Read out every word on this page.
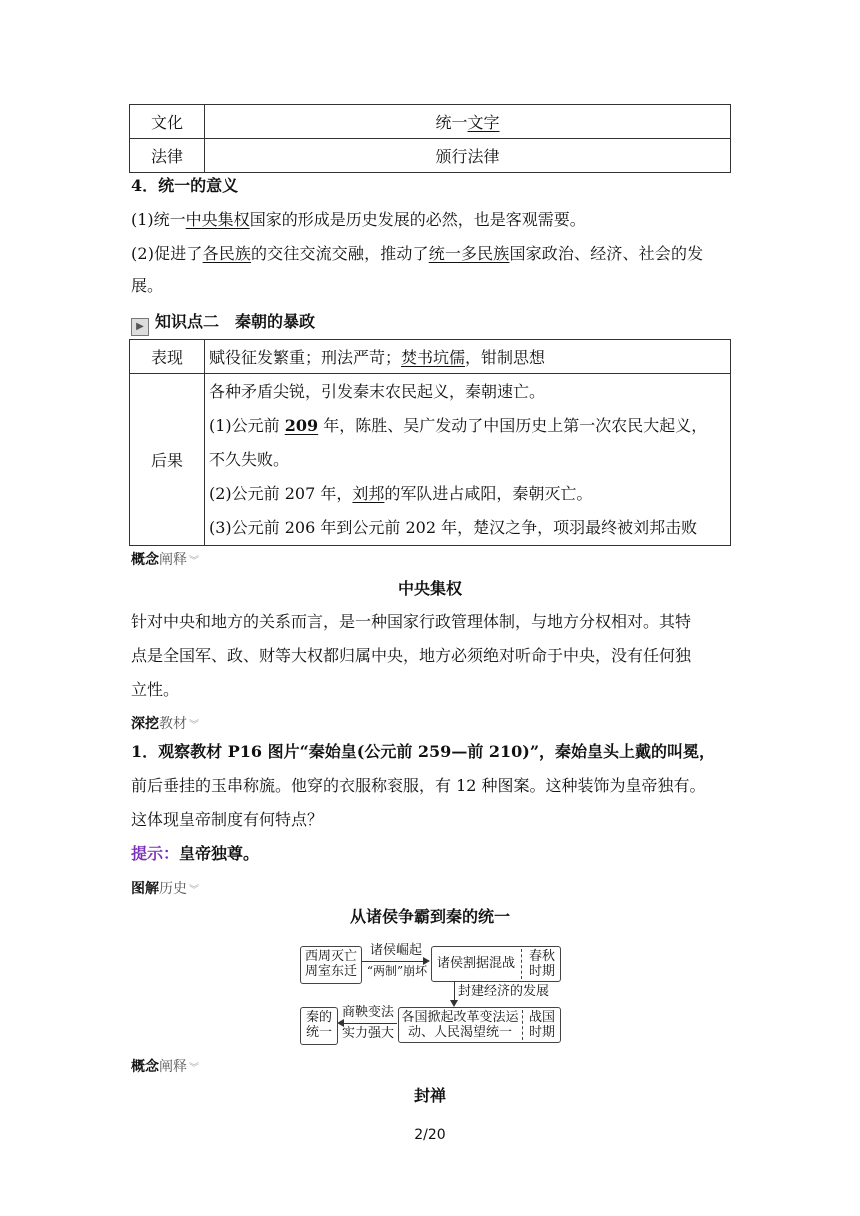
文化	统一文字
法律	颁行法律
4．统一的意义
(1)统一中央集权国家的形成是历史发展的必然，也是客观需要。
(2)促进了各民族的交往交流交融，推动了统一多民族国家政治、经济、社会的发
展。
▶ 知识点二　秦朝的暴政
表现	赋役征发繁重；刑法严苛；焚书坑儒，钳制思想
后果	各种矛盾尖锐，引发秦末农民起义，秦朝速亡。
(1)公元前 209 年，陈胜、吴广发动了中国历史上第一次农民大起义，
不久失败。
(2)公元前 207 年，刘邦的军队进占咸阳，秦朝灭亡。
(3)公元前 206 年到公元前 202 年，楚汉之争，项羽最终被刘邦击败
概念阐释 ︾
中央集权
针对中央和地方的关系而言，是一种国家行政管理体制，与地方分权相对。其特
点是全国军、政、财等大权都归属中央，地方必须绝对听命于中央，没有任何独
立性。
深挖教材 ︾
1．观察教材 P16 图片“秦始皇(公元前 259—前 210)”，秦始皇头上戴的叫冕，
前后垂挂的玉串称旒。他穿的衣服称衮服，有 12 种图案。这种装饰为皇帝独有。
这体现皇帝制度有何特点？
提示：皇帝独尊。
图解历史 ︾
从诸侯争霸到秦的统一
西周灭亡
周室东迁
诸侯崛起
“两制”崩坏 诸侯割据混战	春秋
时期
封建经济的发展
各国掀起改革变法运
动、人民渴望统一
战国
时期
商鞅变法
实力强大
秦的
统一
概念阐释 ︾
封禅
2/20
